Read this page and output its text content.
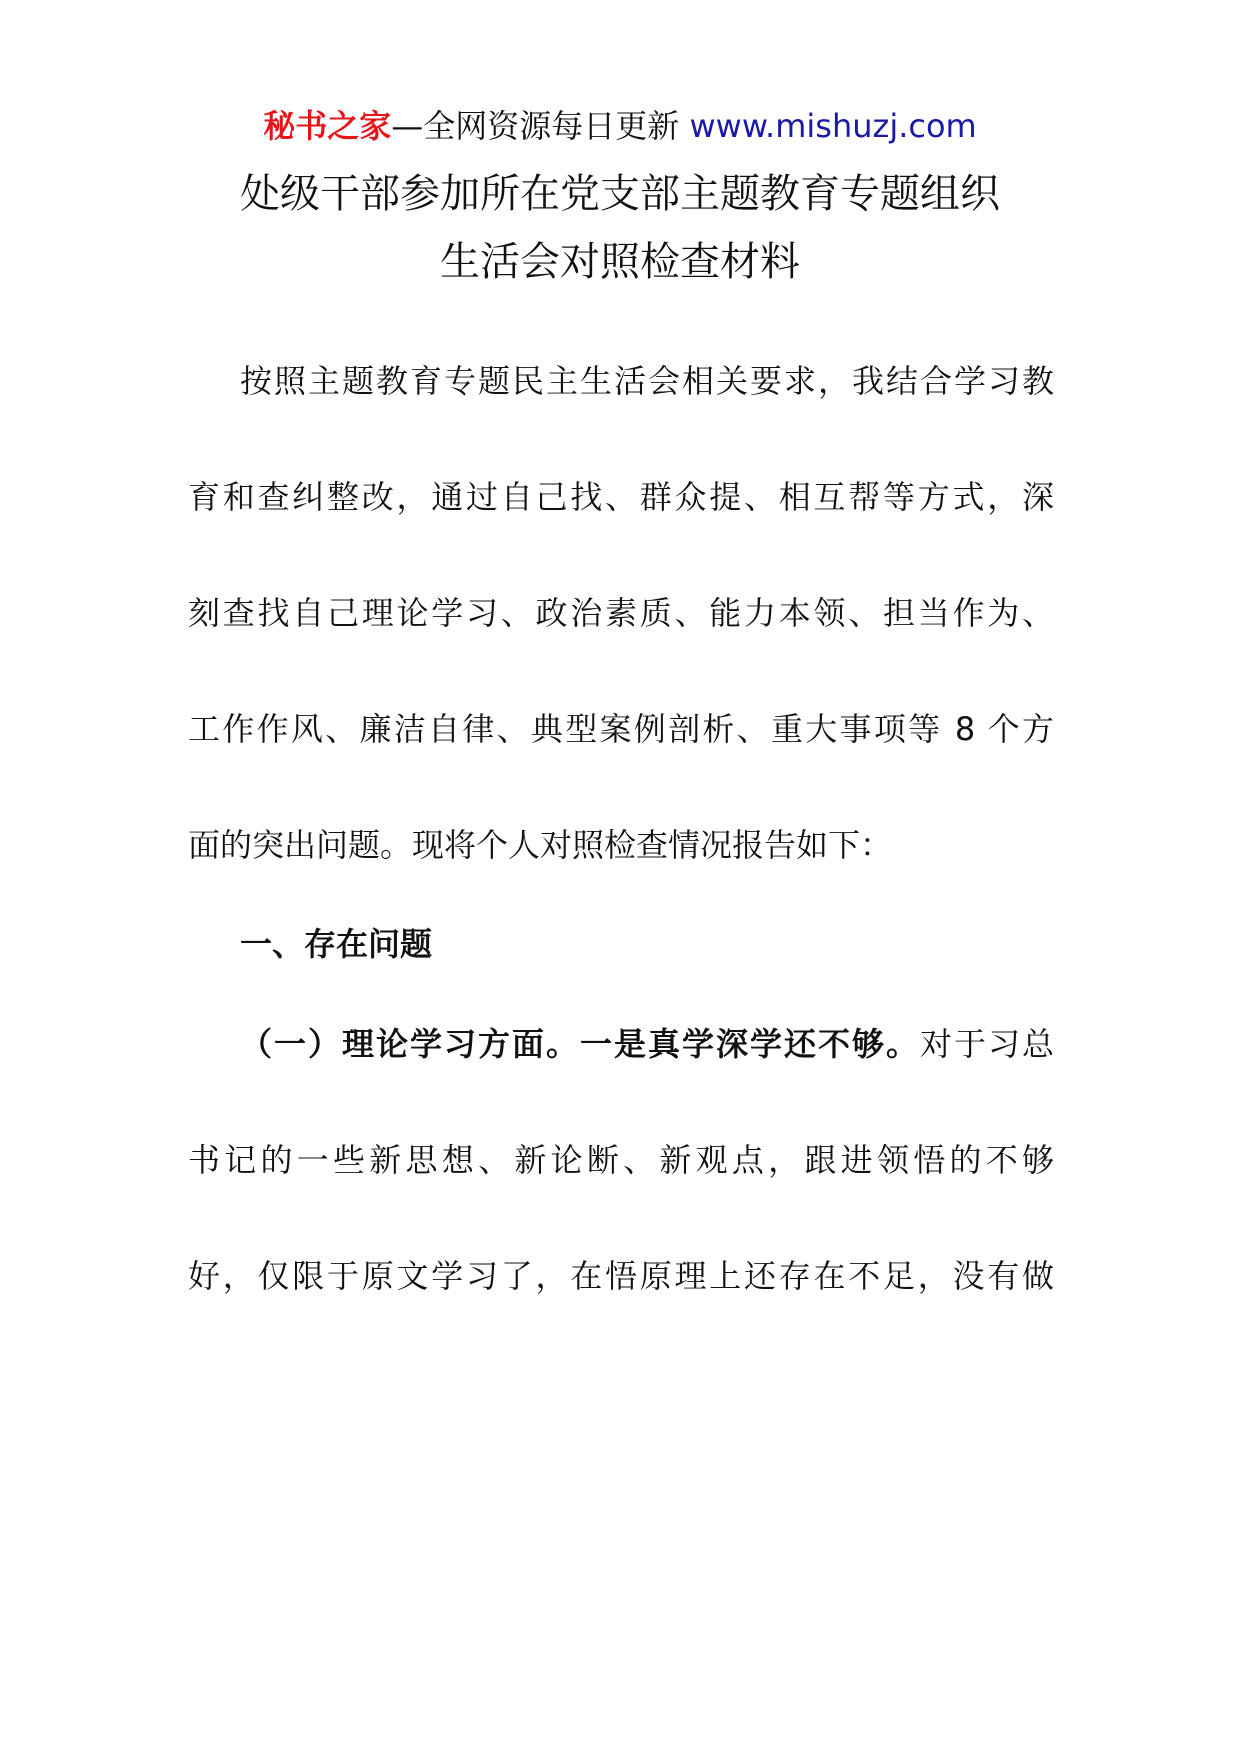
秘书之家—全网资源每日更新 www.mishuzj.com
处级干部参加所在党支部主题教育专题组织
生活会对照检查材料
按照主题教育专题民主生活会相关要求，我结合学习教
育和查纠整改，通过自己找、群众提、相互帮等方式，深
刻查找自己理论学习、政治素质、能力本领、担当作为、
工作作风、廉洁自律、典型案例剖析、重大事项等 8 个方
面的突出问题。现将个人对照检查情况报告如下：
一、存在问题
（一）理论学习方面。一是真学深学还不够。对于习总
书记的一些新思想、新论断、新观点，跟进领悟的不够
好，仅限于原文学习了，在悟原理上还存在不足，没有做
